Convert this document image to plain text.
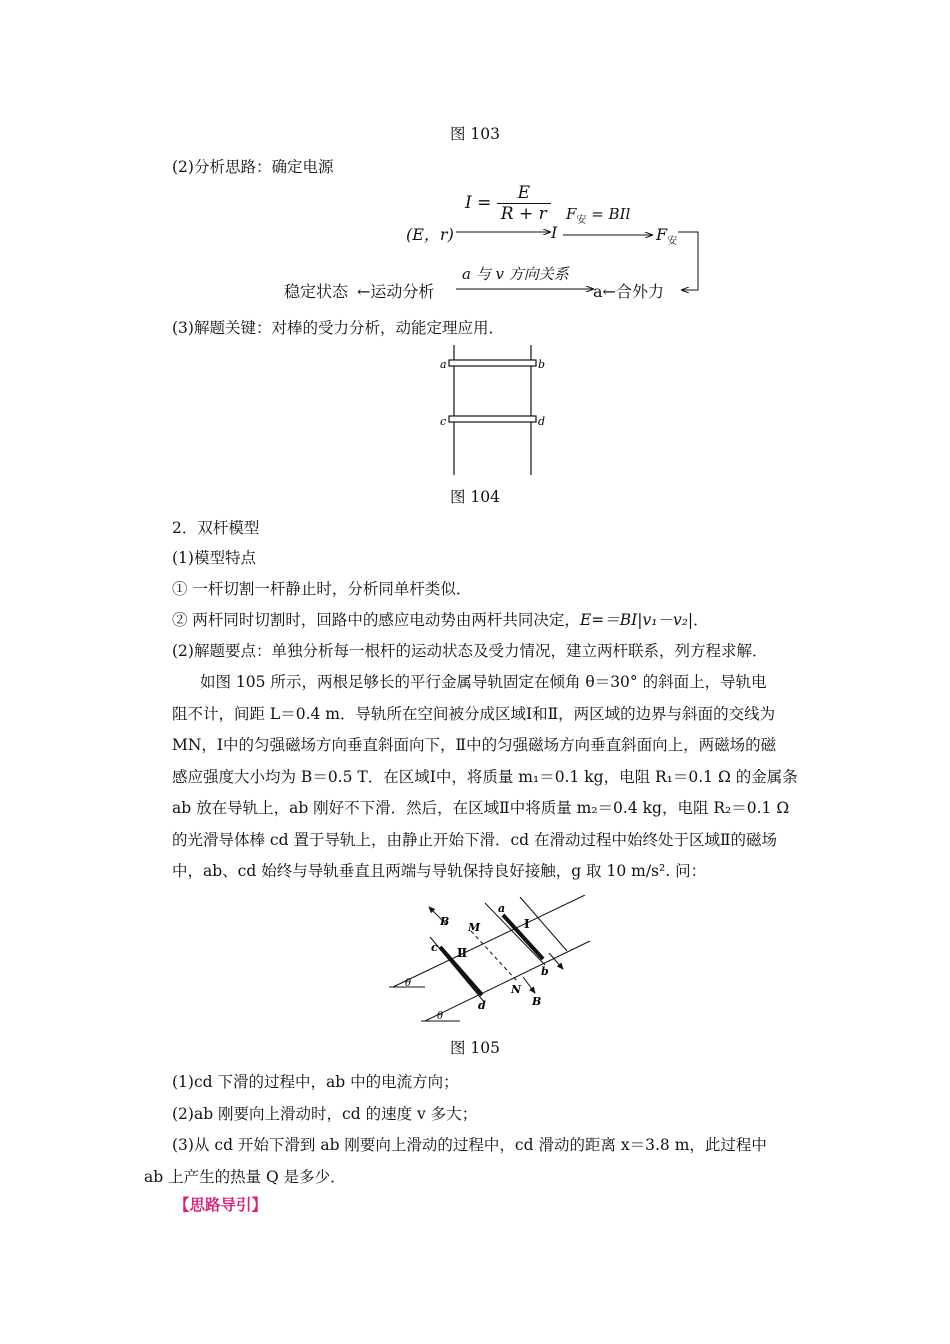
图 103
(2)分析思路：确定电源
$I = \frac{E}{R + r}$
(E，r)	I
$F_安$ = BIl
$F_安$
稳定状态 ←运动分析
a 与 v 方向关系
a←合外力
(3)解题关键：对棒的受力分析，动能定理应用．
a	b
c	d
图 104
2．双杆模型
(1)模型特点
① 一杆切割一杆静止时，分析同单杆类似．
② 两杆同时切割时，回路中的感应电动势由两杆共同决定，E=＝BI|v₁－v₂|．
(2)解题要点：单独分析每一根杆的运动状态及受力情况，建立两杆联系，列方程求解．
如图 105 所示，两根足够长的平行金属导轨固定在倾角 θ＝30° 的斜面上，导轨电
阻不计，间距 L＝0.4 m．导轨所在空间被分成区域Ⅰ和Ⅱ，两区域的边界与斜面的交线为
MN，Ⅰ中的匀强磁场方向垂直斜面向下，Ⅱ中的匀强磁场方向垂直斜面向上，两磁场的磁
感应强度大小均为 B＝0.5 T．在区域Ⅰ中，将质量 m₁＝0.1 kg，电阻 R₁＝0.1 Ω 的金属条
ab 放在导轨上，ab 刚好不下滑．然后，在区域Ⅱ中将质量 m₂＝0.4 kg，电阻 R₂＝0.1 Ω
的光滑导体棒 cd 置于导轨上，由静止开始下滑．cd 在滑动过程中始终处于区域Ⅱ的磁场
中，ab、cd 始终与导轨垂直且两端与导轨保持良好接触，g 取 10 m/s². 问：
B M
a
Ⅰ
c Ⅱ
b
θ	N
B
d
θ
图 105
(1)cd 下滑的过程中，ab 中的电流方向；
(2)ab 刚要向上滑动时，cd 的速度 v 多大；
(3)从 cd 开始下滑到 ab 刚要向上滑动的过程中，cd 滑动的距离 x＝3.8 m，此过程中
ab 上产生的热量 Q 是多少．
【思路导引】
